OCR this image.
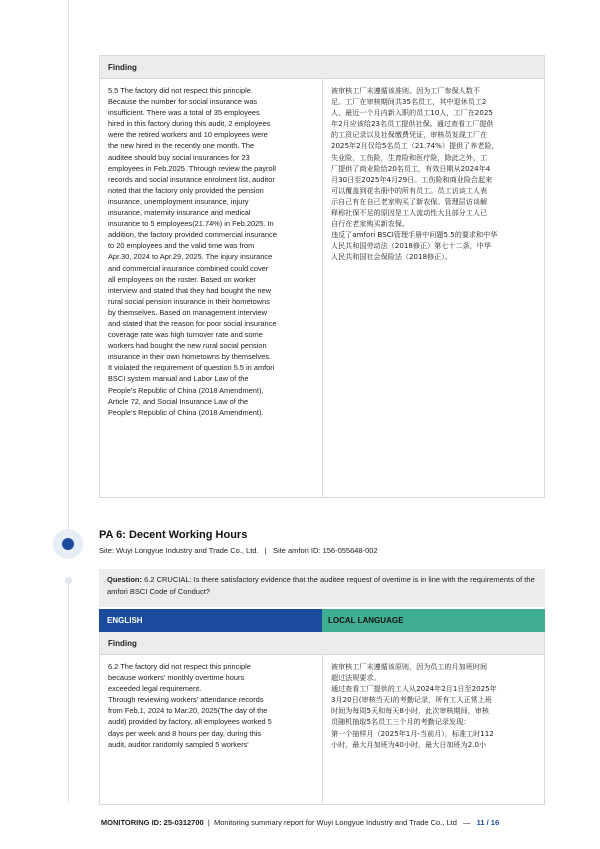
Finding
5.5 The factory did not respect this principle.
Because the number for social insurance was
insufficient. There was a total of 35 employees
hired in this factory during this audit, 2 employees
were the retired workers and 10 employees were
the new hired in the recently one month. The
auditee should buy social insurances for 23
employees in Feb.2025. Through review the payroll
records and social insurance enrolment list, auditor
noted that the factory only provided the pension
insurance, unemployment insurance, injury
insurance, maternity insurance and medical
insurance to 5 employees(21.74%) in Feb.2025. In
addition, the factory provided commercial insurance
to 20 employees and the valid time was from
Apr.30, 2024 to Apr.29, 2025. The injury insurance
and commercial insurance combined could cover
all employees on the roster. Based on worker
interview and stated that they had bought the new
rural social pension insurance in their hometowns
by themselves. Based on management interview
and stated that the reason for poor social insurance
coverage rate was high turnover rate and some
workers had bought the new rural social pension
insurance in their own hometowns by themselves.
It violated the requirement of question 5.5 in amfori
BSCI system manual and Labor Law of the
People's Republic of China (2018 Amendment),
Article 72, and Social Insurance Law of the
People's Republic of China (2018 Amendment).
被审核工厂未遵循该准则。因为工厂参保人数不
足。工厂在审核期间共35名员工，其中退休员工2
人，最近一个月内新入职的员工10人，工厂在2025
年2月应该给23名员工提供社保。通过查看工厂提供
的工资记录以及社保缴费凭证，审核员发现工厂在
2025年2月仅给5名员工（21.74%）提供了养老险，
失业险，工伤险，生育险和医疗险，除此之外，工
厂提供了商业险给20名员工，有效日期从2024年4
月30日至2025年4月29日。工伤险和商业险合起来
可以覆盖到花名册中的所有员工。员工访谈工人表
示自己有在自己老家购买了新农保。管理层访谈解
释称社保不足的原因是工人流动性大且部分工人已
自行在老家购买新农保。
违反了amfori BSCI管理手册中问题5.5的要求和中华
人民共和国劳动法（2018修正）第七十二条，中华
人民共和国社会保险法（2018修正）。
PA 6: Decent Working Hours
Site: Wuyi Longyue Industry and Trade Co., Ltd.   |   Site amfori ID: 156-055648-002
Question: 6.2 CRUCIAL: Is there satisfactory evidence that the auditee request of overtime is in line with the requirements of the amfori BSCI Code of Conduct?
ENGLISH	LOCAL LANGUAGE
Finding
6.2 The factory did not respect this principle
because workers' monthly overtime hours
exceeded legal requirement.
Through reviewing workers' attendance records
from Feb.1, 2024 to Mar.20, 2025(The day of the
audit) provided by factory, all employees worked 5
days per week and 8 hours per day, during this
audit, auditor randomly sampled 5 workers'
被审核工厂未遵循该原则，因为员工的月加班时间
超过法规要求。
通过查看工厂提供的工人从2024年2月1日至2025年
3月20日(审核当天)的考勤记录，所有工人正常上班
时间为每周5天和每天8小时，此次审核期间，审核
员随机抽取5名员工三个月的考勤记录发现：
第一个抽样月（2025年1月-当前月），标准工时112
小时，最大月加班为40小时，最大日加班为2.0小
MONITORING ID: 25-0312700  |  Monitoring summary report for Wuyi Longyue Industry and Trade Co., Ltd — 11 / 16
